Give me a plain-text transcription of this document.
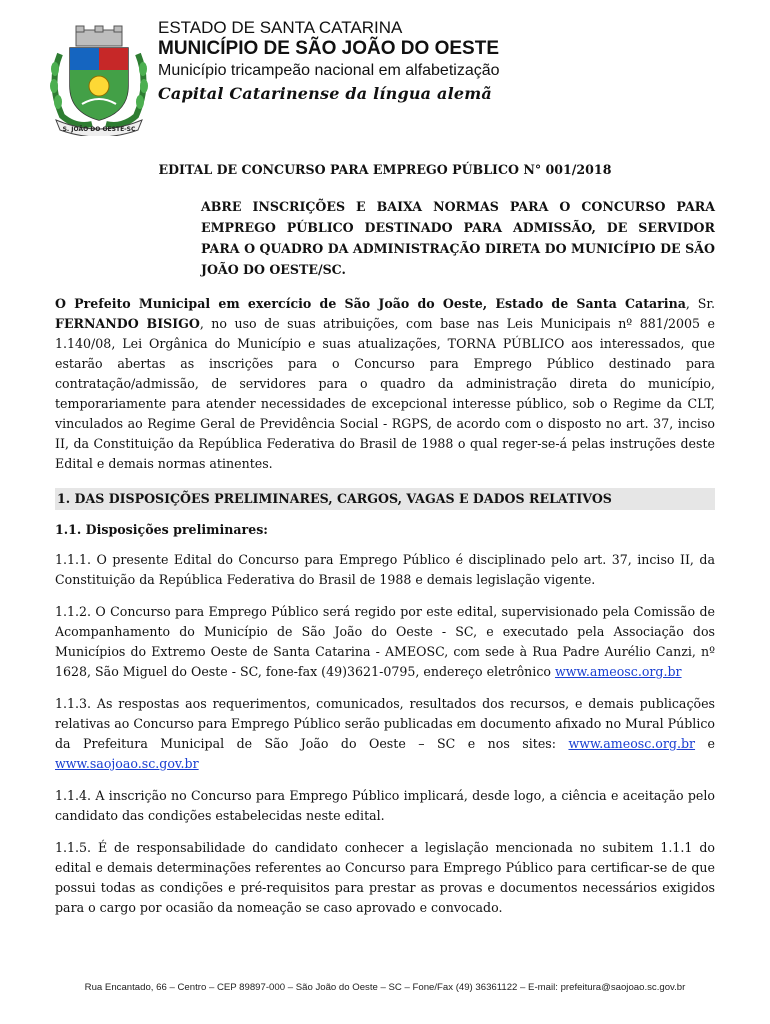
S. JOÃO DO OESTE-SC

ESTADO DE SANTA CATARINA

MUNICÍPIO DE SÃO JOÃO DO OESTE

Município tricampeão nacional em alfabetização

Capital Catarinense da língua alemã

EDITAL DE CONCURSO PARA EMPREGO PÚBLICO N° 001/2018
ABRE INSCRIÇÕES E BAIXA NORMAS PARA O CONCURSO PARA EMPREGO PÚBLICO DESTINADO PARA ADMISSÃO, DE SERVIDOR PARA O QUADRO DA ADMINISTRAÇÃO DIRETA DO MUNICÍPIO DE SÃO JOÃO DO OESTE/SC.

O Prefeito Municipal em exercício de São João do Oeste, Estado de Santa Catarina, Sr. FERNANDO BISIGO, no uso de suas atribuições, com base nas Leis Municipais nº 881/2005 e 1.140/08, Lei Orgânica do Município e suas atualizações, TORNA PÚBLICO aos interessados, que estarão abertas as inscrições para o Concurso para Emprego Público destinado para contratação/admissão, de servidores para o quadro da administração direta do município, temporariamente para atender necessidades de excepcional interesse público, sob o Regime da CLT, vinculados ao Regime Geral de Previdência Social - RGPS, de acordo com o disposto no art. 37, inciso II, da Constituição da República Federativa do Brasil de 1988 o qual reger-se-á pelas instruções deste Edital e demais normas atinentes.

1. DAS DISPOSIÇÕES PRELIMINARES, CARGOS, VAGAS E DADOS RELATIVOS
1.1. Disposições preliminares:

1.1.1. O presente Edital do Concurso para Emprego Público é disciplinado pelo art. 37, inciso II, da Constituição da República Federativa do Brasil de 1988 e demais legislação vigente.

1.1.2. O Concurso para Emprego Público será regido por este edital, supervisionado pela Comissão de Acompanhamento do Município de São João do Oeste - SC, e executado pela Associação dos Municípios do Extremo Oeste de Santa Catarina - AMEOSC, com sede à Rua Padre Aurélio Canzi, nº 1628, São Miguel do Oeste - SC, fone-fax (49)3621-0795, endereço eletrônico www.ameosc.org.br

1.1.3. As respostas aos requerimentos, comunicados, resultados dos recursos, e demais publicações relativas ao Concurso para Emprego Público serão publicadas em documento afixado no Mural Público da Prefeitura Municipal de São João do Oeste – SC e nos sites: www.ameosc.org.br e www.saojoao.sc.gov.br

1.1.4. A inscrição no Concurso para Emprego Público implicará, desde logo, a ciência e aceitação pelo candidato das condições estabelecidas neste edital.

1.1.5. É de responsabilidade do candidato conhecer a legislação mencionada no subitem 1.1.1 do edital e demais determinações referentes ao Concurso para Emprego Público para certificar-se de que possui todas as condições e pré-requisitos para prestar as provas e documentos necessários exigidos para o cargo por ocasião da nomeação se caso aprovado e convocado.

Rua Encantado, 66 – Centro – CEP 89897-000 – São João do Oeste – SC – Fone/Fax (49) 36361122 – E-mail: prefeitura@saojoao.sc.gov.br
